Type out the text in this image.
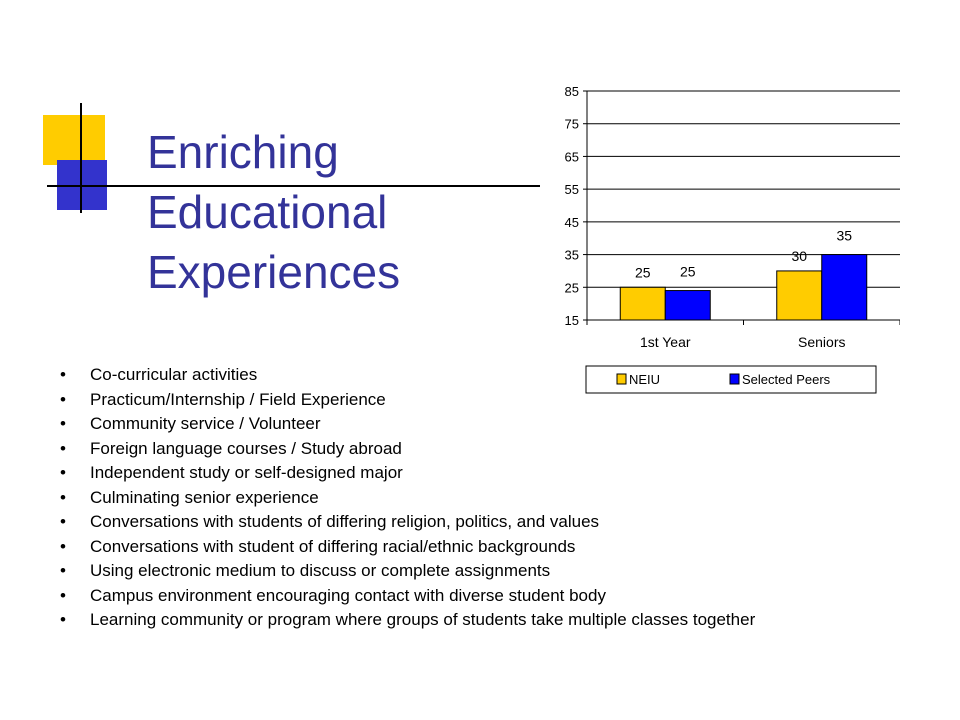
Enriching
Educational
Experiences
15
25
35
45
55
65
75
85
1st Year
25 25
Seniors
30
35
NEIU	Selected Peers
• Co-curricular activities
• Practicum/Internship / Field Experience
• Community service / Volunteer
• Foreign language courses / Study abroad
• Independent study or self-designed major
• Culminating senior experience
• Conversations with students of differing religion, politics, and values
• Conversations with student of differing racial/ethnic backgrounds
• Using electronic medium to discuss or complete assignments
• Campus environment encouraging contact with diverse student body
• Learning community or program where groups of students take multiple classes together
